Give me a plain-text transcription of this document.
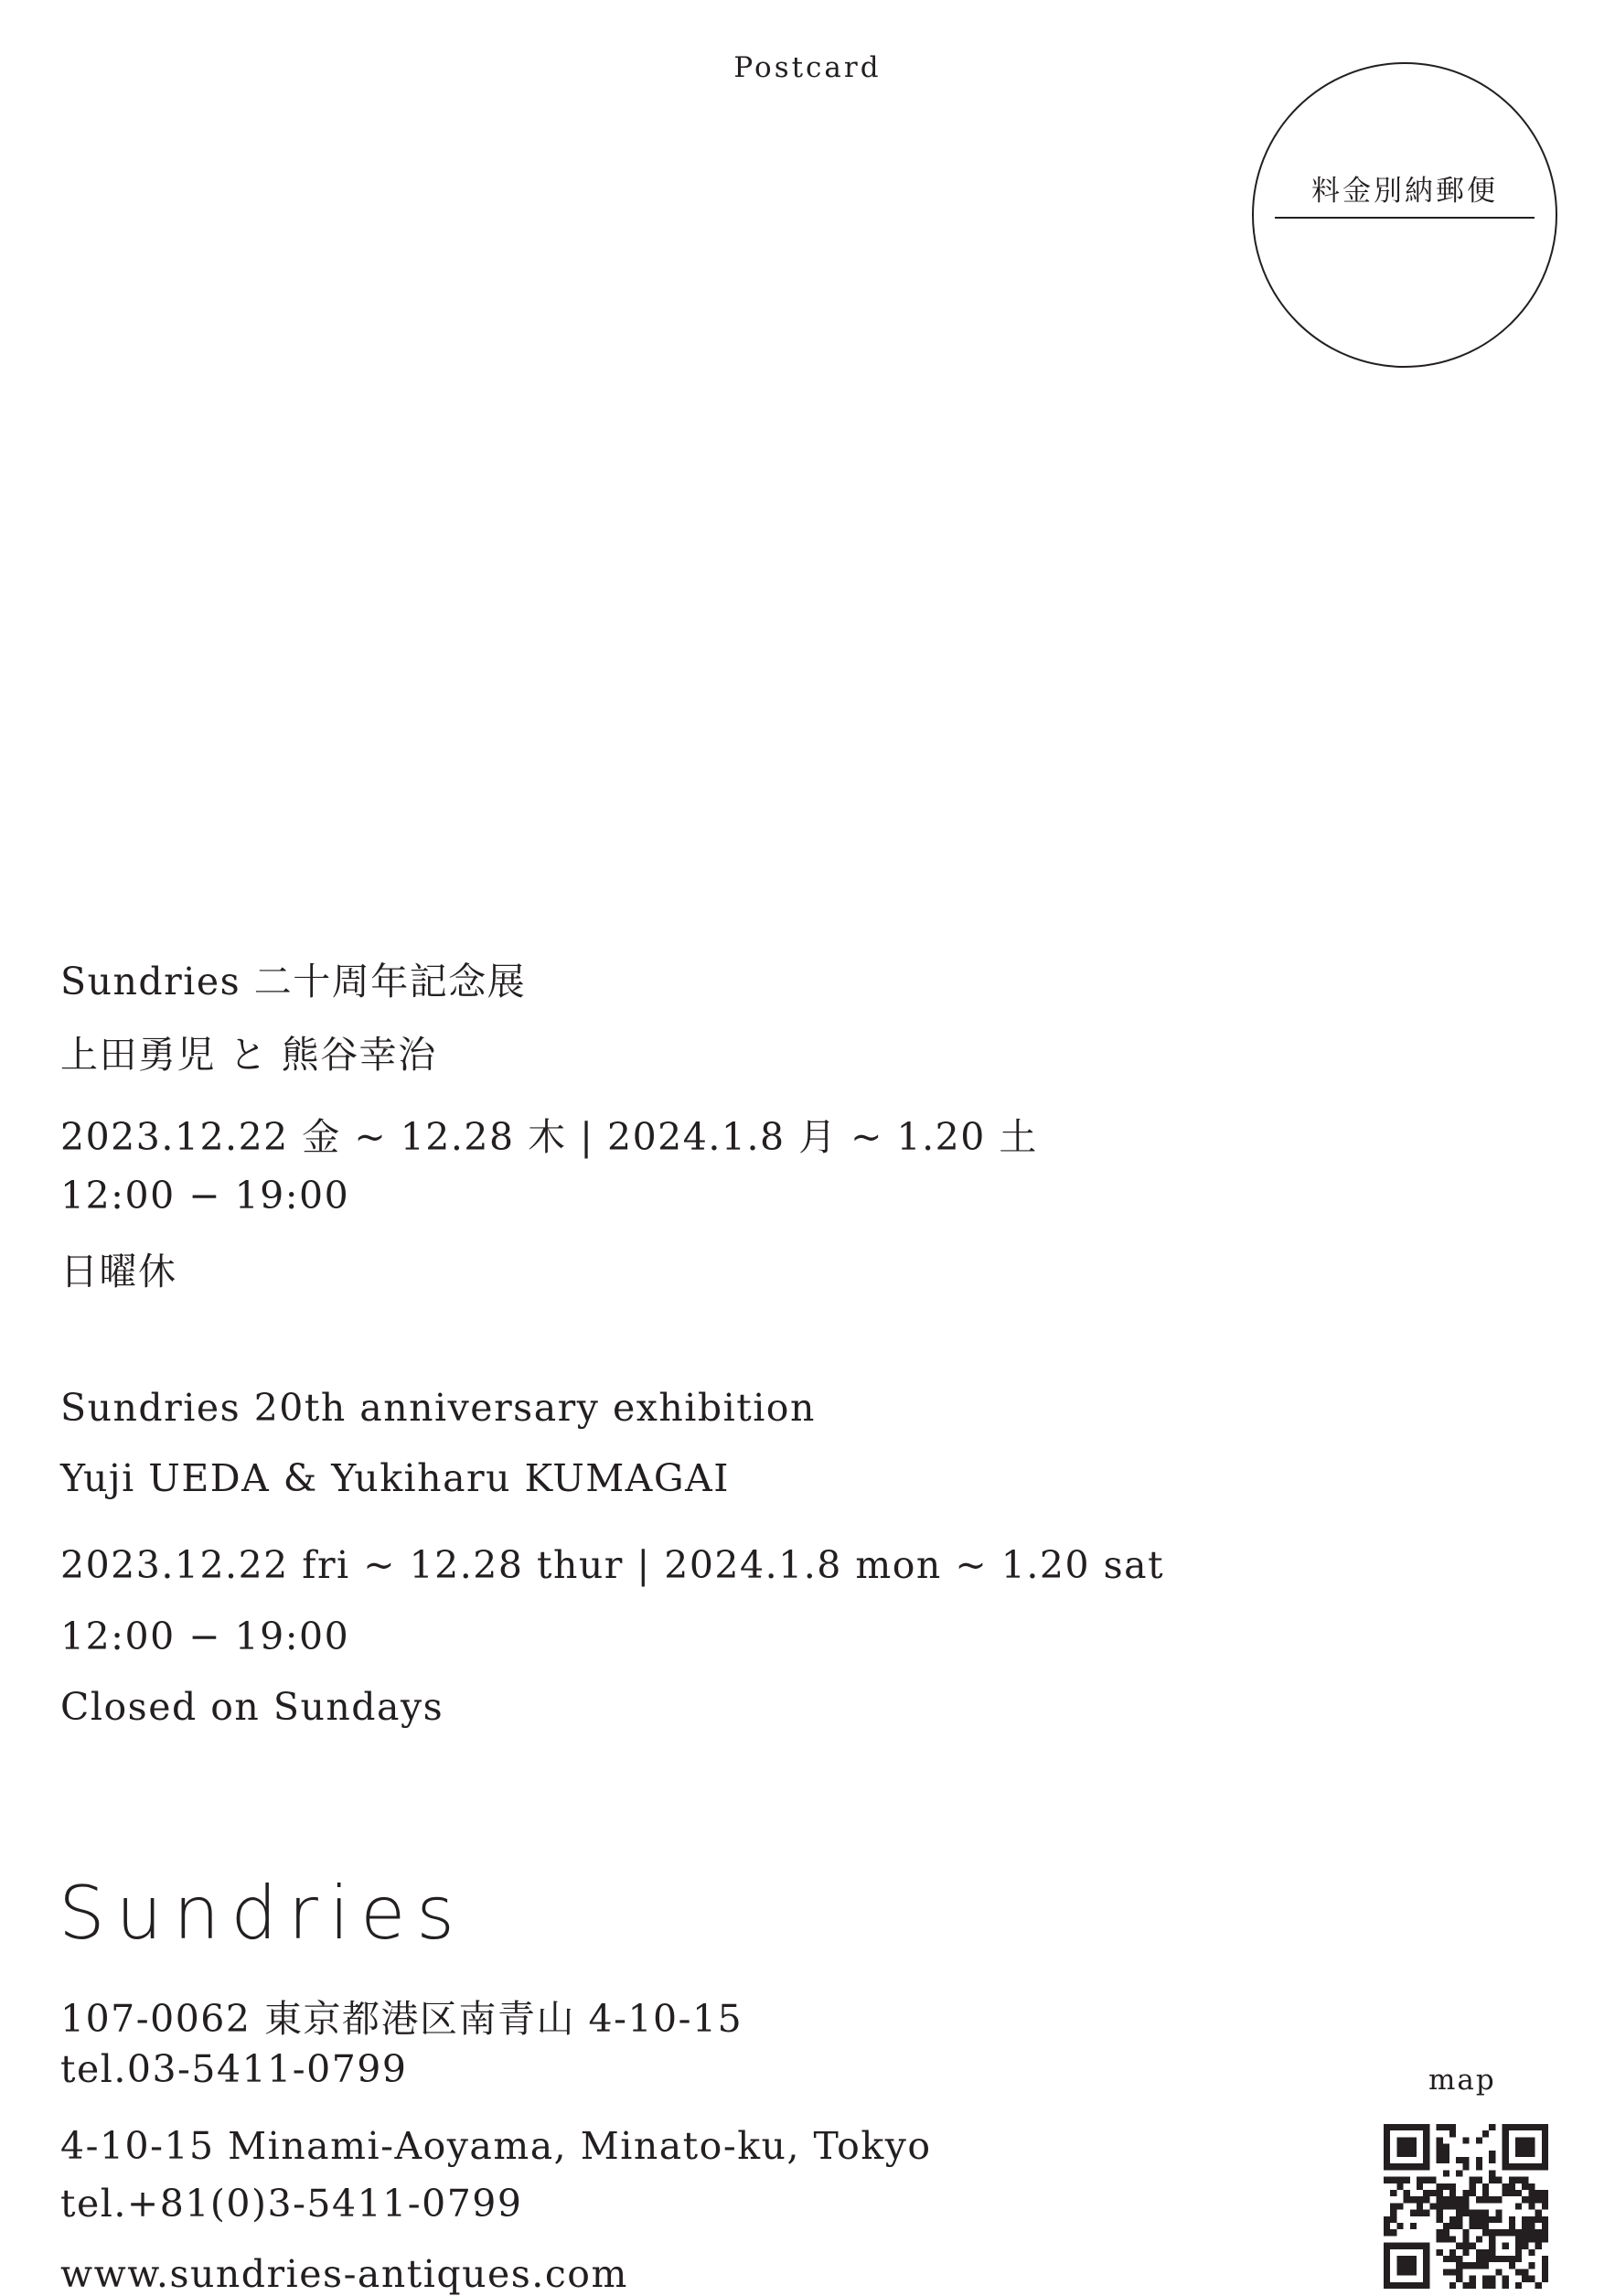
Postcard
料金別納郵便
Sundries 二十周年記念展
上田勇児 と 熊谷幸治
2023.12.22 金 ~ 12.28 木 | 2024.1.8 月 ~ 1.20 土
12:00 − 19:00
日曜休
Sundries 20th anniversary exhibition
Yuji UEDA & Yukiharu KUMAGAI
2023.12.22 fri ~ 12.28 thur | 2024.1.8 mon ~ 1.20 sat
12:00 − 19:00
Closed on Sundays
Sundries
107-0062 東京都港区南青山 4-10-15
tel.03-5411-0799
4-10-15 Minami-Aoyama, Minato-ku, Tokyo
tel.+81(0)3-5411-0799
www.sundries-antiques.com
map
